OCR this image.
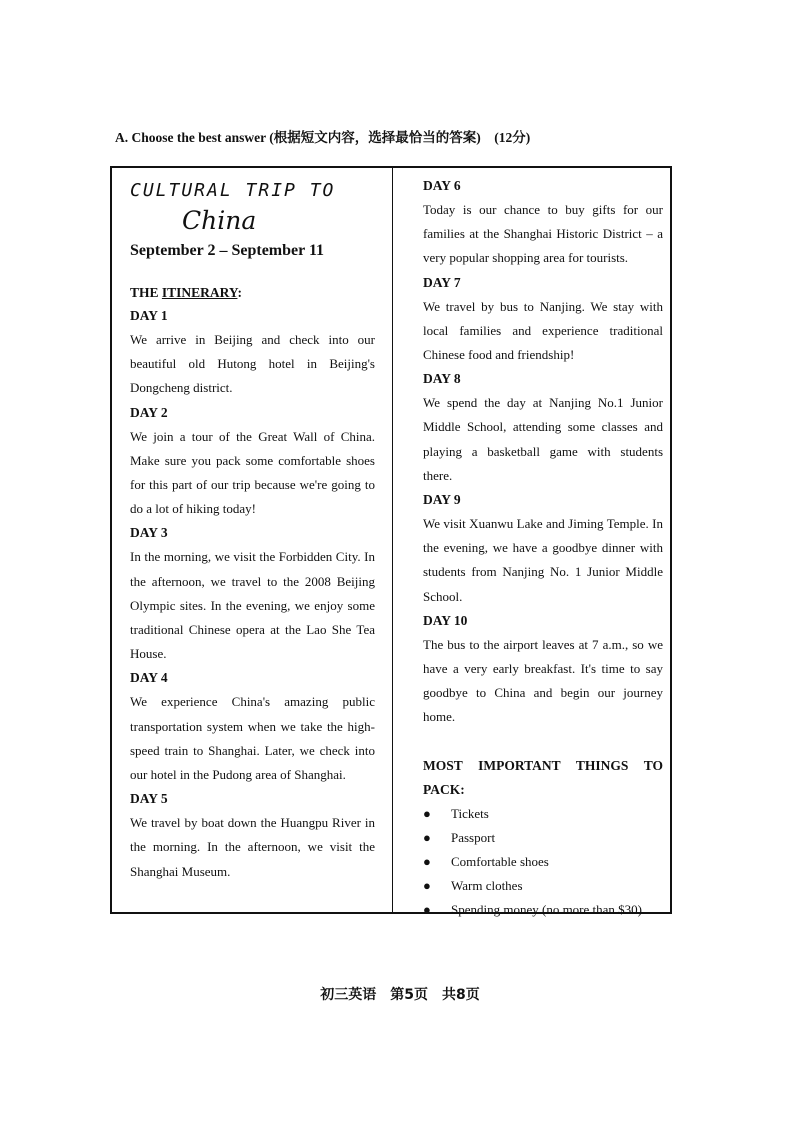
A. Choose the best answer (根据短文内容，选择最恰当的答案)　(12分)
CULTURAL TRIP TO
China
September 2 – September 11
THE ITINERARY:
DAY 1

We arrive in Beijing and check into our beautiful old Hutong hotel in Beijing's Dongcheng district.

DAY 2

We join a tour of the Great Wall of China. Make sure you pack some comfortable shoes for this part of our trip because we're going to do a lot of hiking today!

DAY 3

In the morning, we visit the Forbidden City. In the afternoon, we travel to the 2008 Beijing Olympic sites. In the evening, we enjoy some traditional Chinese opera at the Lao She Tea House.

DAY 4

We experience China's amazing public transportation system when we take the high-speed train to Shanghai. Later, we check into our hotel in the Pudong area of Shanghai.

DAY 5

We travel by boat down the Huangpu River in the morning. In the afternoon, we visit the Shanghai Museum.

DAY 6

Today is our chance to buy gifts for our families at the Shanghai Historic District – a very popular shopping area for tourists.

DAY 7

We travel by bus to Nanjing. We stay with local families and experience traditional Chinese food and friendship!

DAY 8

We spend the day at Nanjing No.1 Junior Middle School, attending some classes and playing a basketball game with students there.

DAY 9

We visit Xuanwu Lake and Jiming Temple. In the evening, we have a goodbye dinner with students from Nanjing No. 1 Junior Middle School.

DAY 10

The bus to the airport leaves at 7 a.m., so we have a very early breakfast. It's time to say goodbye to China and begin our journey home.

MOST IMPORTANT THINGS TO PACK:
● Tickets
● Passport
● Comfortable shoes
● Warm clothes
● Spending money (no more than $30)
初三英语　第5页　共8页
